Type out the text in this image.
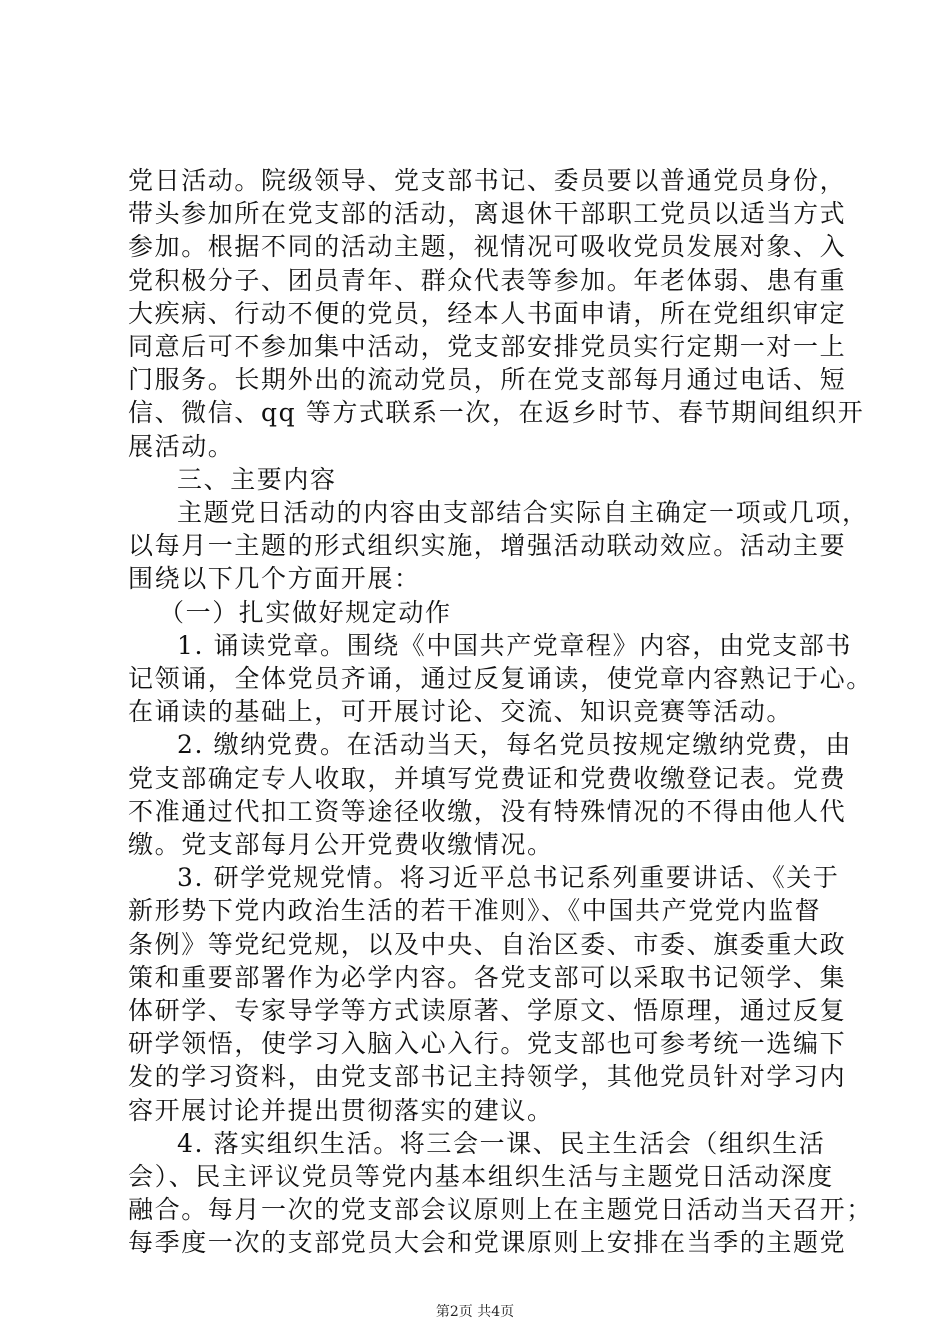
党日活动。院级领导、党支部书记、委员要以普通党员身份，
带头参加所在党支部的活动，离退休干部职工党员以适当方式
参加。根据不同的活动主题，视情况可吸收党员发展对象、入
党积极分子、团员青年、群众代表等参加。年老体弱、患有重
大疾病、行动不便的党员，经本人书面申请，所在党组织审定
同意后可不参加集中活动，党支部安排党员实行定期一对一上
门服务。长期外出的流动党员，所在党支部每月通过电话、短
信、微信、qq 等方式联系一次，在返乡时节、春节期间组织开
展活动。
三、主要内容
主题党日活动的内容由支部结合实际自主确定一项或几项，
以每月一主题的形式组织实施，增强活动联动效应。活动主要
围绕以下几个方面开展：
（一）扎实做好规定动作
1. 诵读党章。围绕《中国共产党章程》内容，由党支部书
记领诵，全体党员齐诵，通过反复诵读，使党章内容熟记于心。
在诵读的基础上，可开展讨论、交流、知识竞赛等活动。
2. 缴纳党费。在活动当天，每名党员按规定缴纳党费，由
党支部确定专人收取，并填写党费证和党费收缴登记表。党费
不准通过代扣工资等途径收缴，没有特殊情况的不得由他人代
缴。党支部每月公开党费收缴情况。
3. 研学党规党情。将习近平总书记系列重要讲话、《关于
新形势下党内政治生活的若干准则》、《中国共产党党内监督
条例》等党纪党规，以及中央、自治区委、市委、旗委重大政
策和重要部署作为必学内容。各党支部可以采取书记领学、集
体研学、专家导学等方式读原著、学原文、悟原理，通过反复
研学领悟，使学习入脑入心入行。党支部也可参考统一选编下
发的学习资料，由党支部书记主持领学，其他党员针对学习内
容开展讨论并提出贯彻落实的建议。
4. 落实组织生活。将三会一课、民主生活会（组织生活
会）、民主评议党员等党内基本组织生活与主题党日活动深度
融合。每月一次的党支部会议原则上在主题党日活动当天召开；
每季度一次的支部党员大会和党课原则上安排在当季的主题党
第2页 共4页
